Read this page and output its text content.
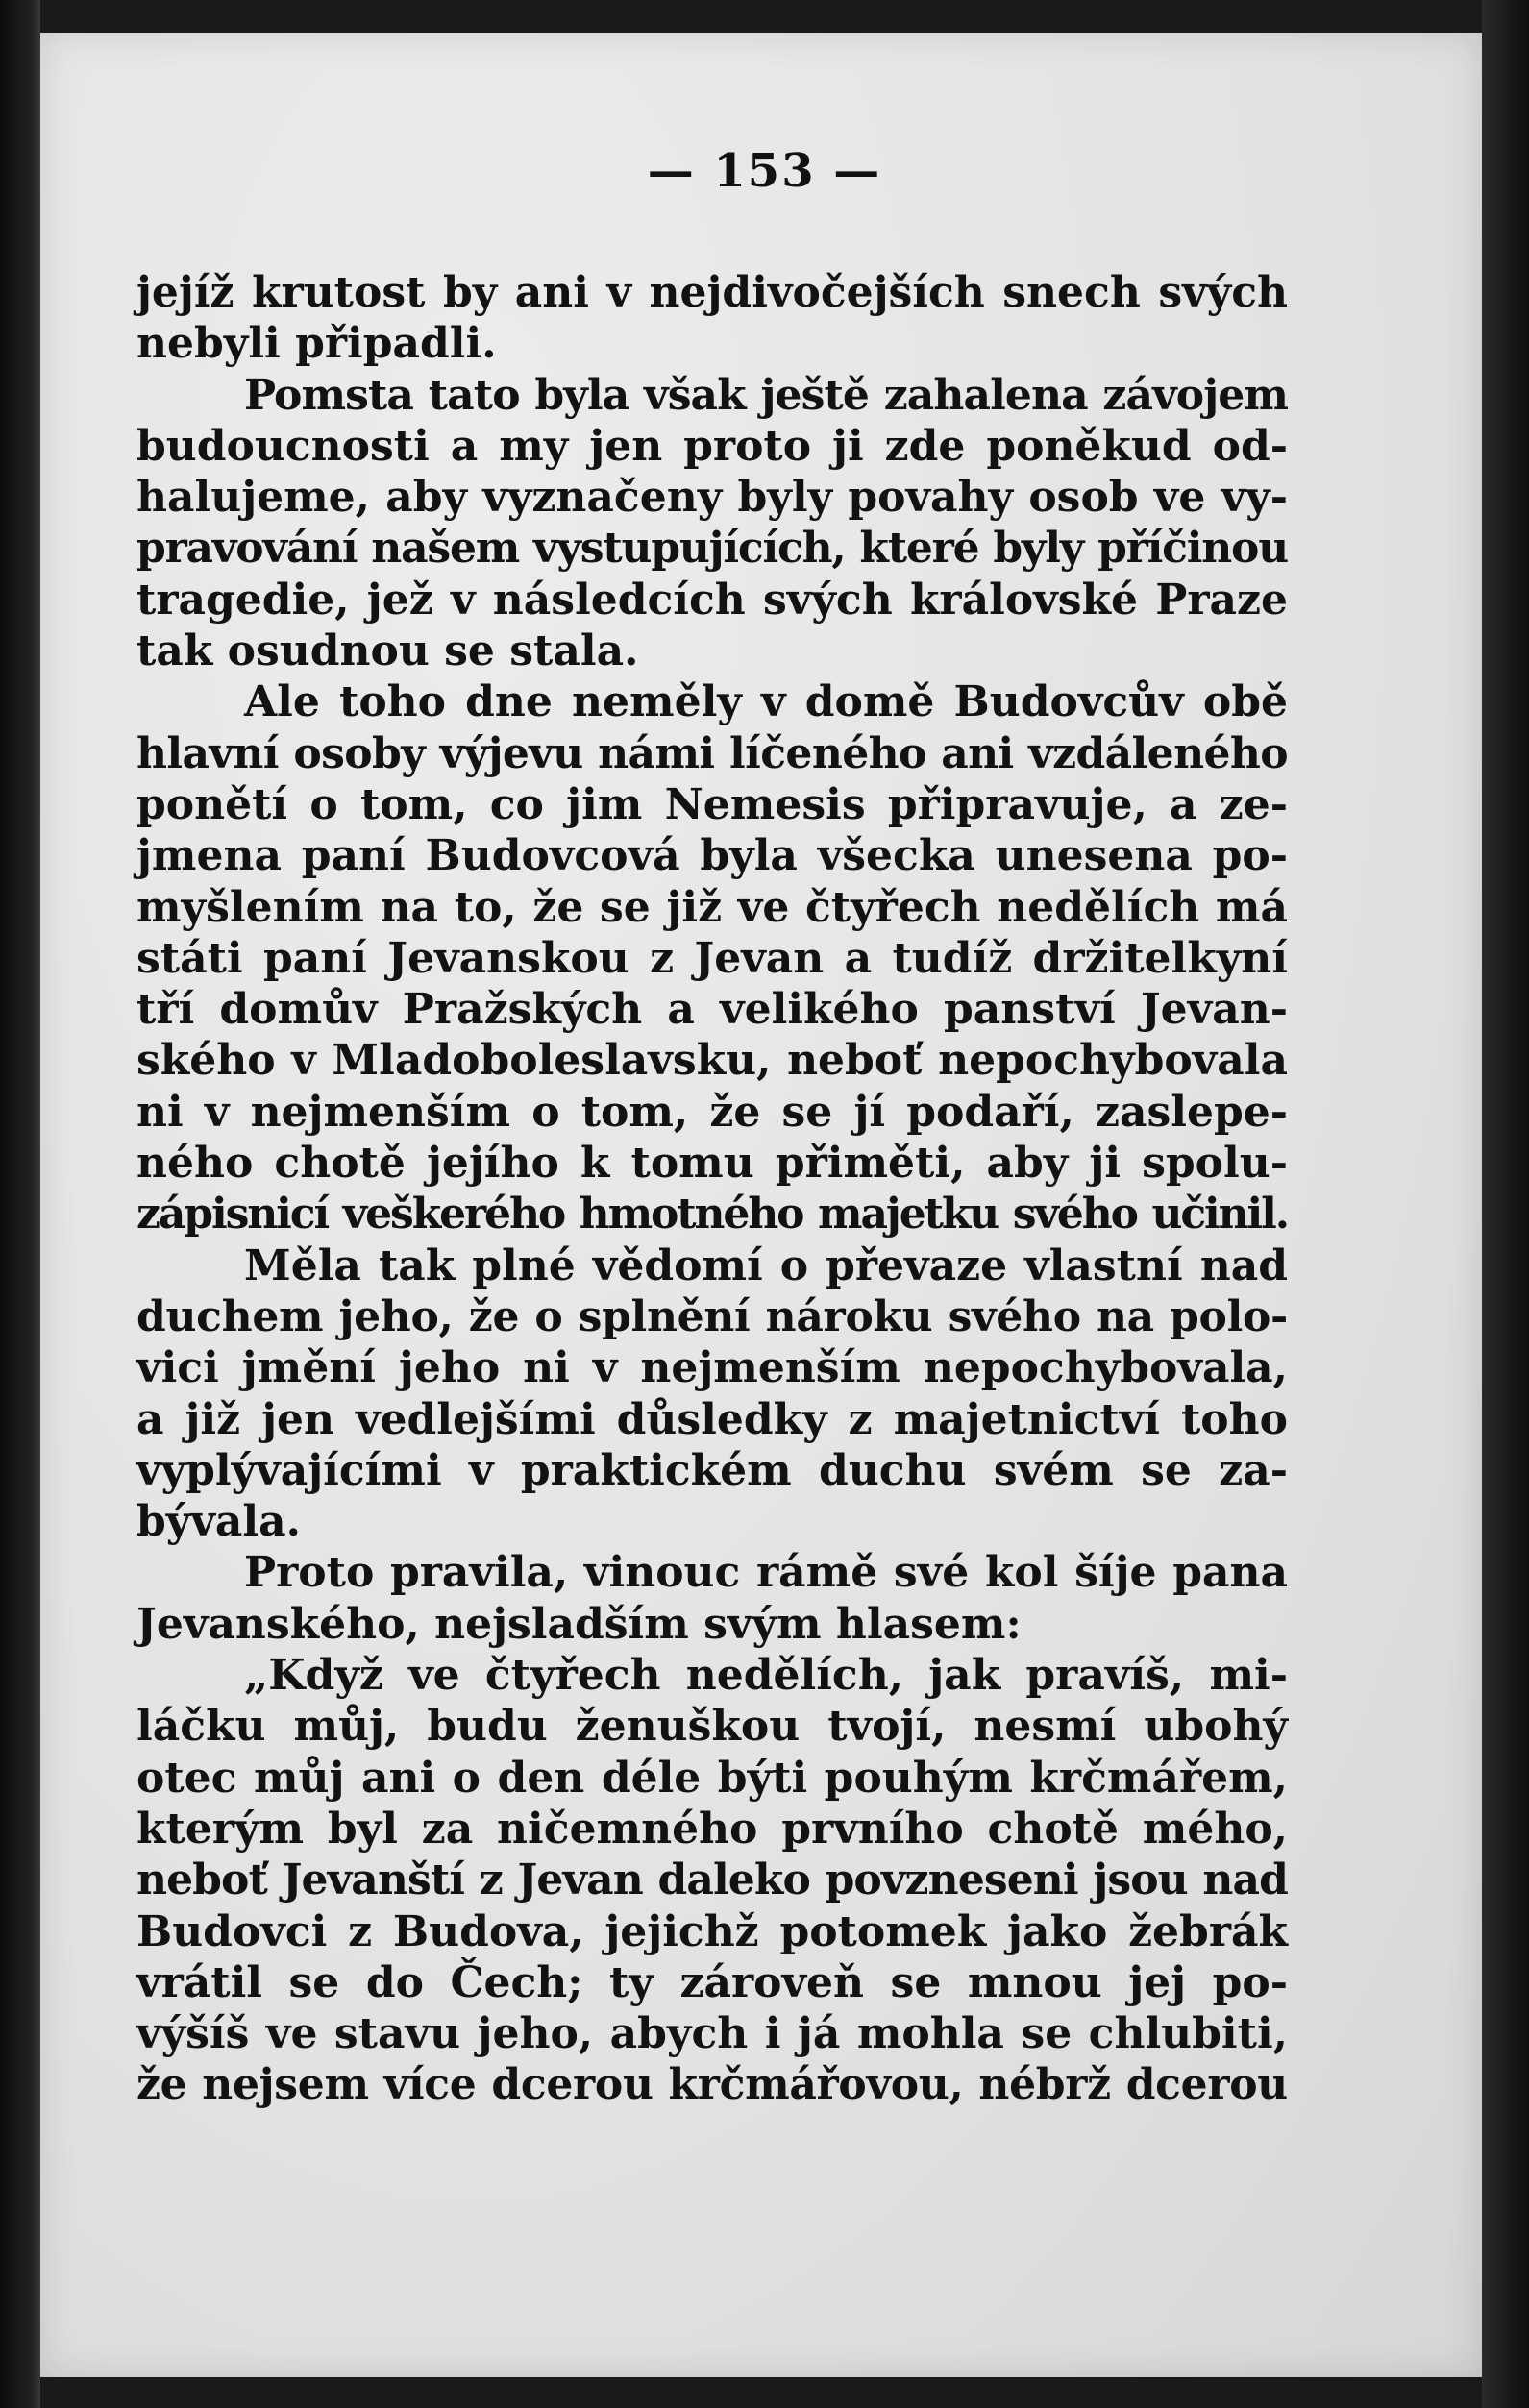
— 153 —
jejíž krutost by ani v nejdivočejších snech svých
nebyli připadli.
Pomsta tato byla však ještě zahalena závojem
budoucnosti a my jen proto ji zde poněkud od-
halujeme, aby vyznačeny byly povahy osob ve vy-
pravování našem vystupujících, které byly příčinou
tragedie, jež v následcích svých královské Praze
tak osudnou se stala.
Ale toho dne neměly v domě Budovcův obě
hlavní osoby výjevu námi líčeného ani vzdáleného
ponětí o tom, co jim Nemesis připravuje, a ze-
jmena paní Budovcová byla všecka unesena po-
myšlením na to, že se již ve čtyřech nedělích má
státi paní Jevanskou z Jevan a tudíž držitelkyní
tří domův Pražských a velikého panství Jevan-
ského v Mladoboleslavsku, neboť nepochybovala
ni v nejmenším o tom, že se jí podaří, zaslepe-
ného chotě jejího k tomu přiměti, aby ji spolu-
zápisnicí veškerého hmotného majetku svého učinil.
Měla tak plné vědomí o převaze vlastní nad
duchem jeho, že o splnění nároku svého na polo-
vici jmění jeho ni v nejmenším nepochybovala,
a již jen vedlejšími důsledky z majetnictví toho
vyplývajícími v praktickém duchu svém se za-
bývala.
Proto pravila, vinouc rámě své kol šíje pana
Jevanského, nejsladším svým hlasem:
„Když ve čtyřech nedělích, jak pravíš, mi-
láčku můj, budu ženuškou tvojí, nesmí ubohý
otec můj ani o den déle býti pouhým krčmářem,
kterým byl za ničemného prvního chotě mého,
neboť Jevanští z Jevan daleko povzneseni jsou nad
Budovci z Budova, jejichž potomek jako žebrák
vrátil se do Čech; ty zároveň se mnou jej po-
výšíš ve stavu jeho, abych i já mohla se chlubiti,
že nejsem více dcerou krčmářovou, nébrž dcerou
